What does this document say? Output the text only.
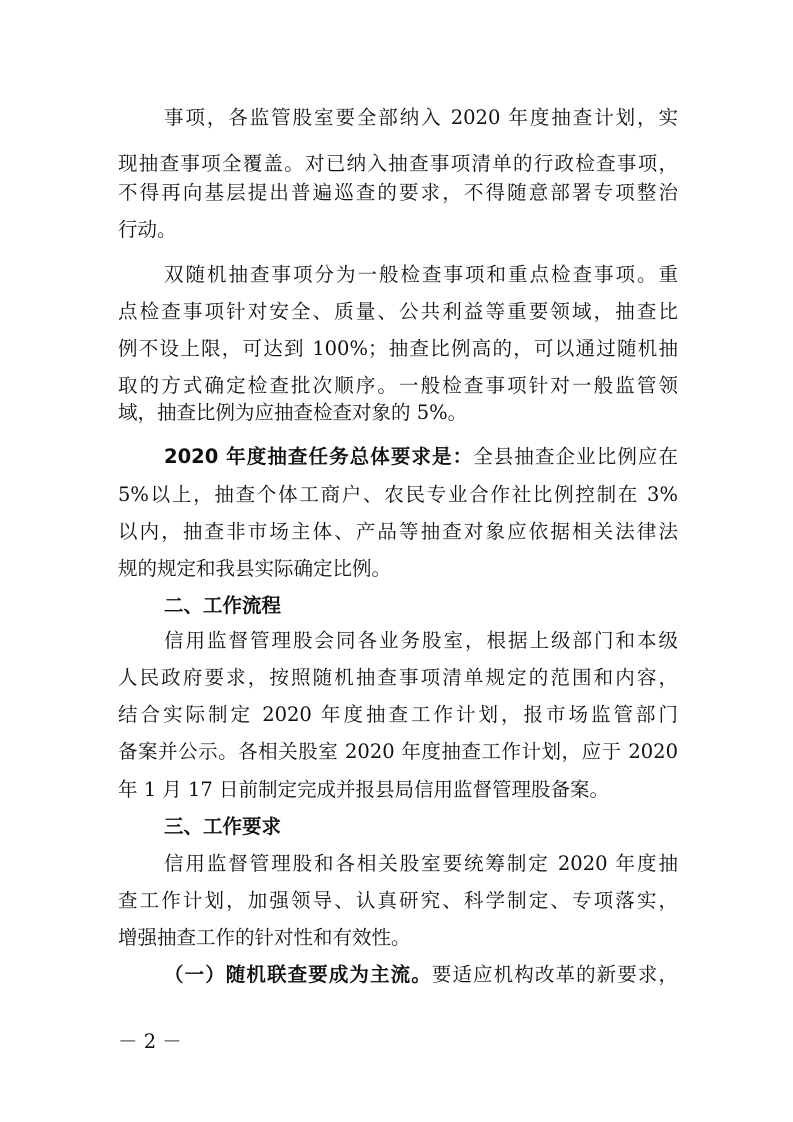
事项，各监管股室要全部纳入 2020 年度抽查计划，实
现抽查事项全覆盖。对已纳入抽查事项清单的行政检查事项，
不得再向基层提出普遍巡查的要求，不得随意部署专项整治
行动。
双随机抽查事项分为一般检查事项和重点检查事项。重
点检查事项针对安全、质量、公共利益等重要领域，抽查比
例不设上限，可达到 100%；抽查比例高的，可以通过随机抽
取的方式确定检查批次顺序。一般检查事项针对一般监管领
域，抽查比例为应抽查检查对象的 5%。
2020 年度抽查任务总体要求是：全县抽查企业比例应在
5%以上，抽查个体工商户、农民专业合作社比例控制在 3%
以内，抽查非市场主体、产品等抽查对象应依据相关法律法
规的规定和我县实际确定比例。
二、工作流程
信用监督管理股会同各业务股室，根据上级部门和本级
人民政府要求，按照随机抽查事项清单规定的范围和内容，
结合实际制定 2020 年度抽查工作计划，报市场监管部门
备案并公示。各相关股室 2020 年度抽查工作计划，应于 2020
年 1 月 17 日前制定完成并报县局信用监督管理股备案。
三、工作要求
信用监督管理股和各相关股室要统筹制定 2020 年度抽
查工作计划，加强领导、认真研究、科学制定、专项落实，
增强抽查工作的针对性和有效性。
（一）随机联查要成为主流。要适应机构改革的新要求，
－ 2 －
